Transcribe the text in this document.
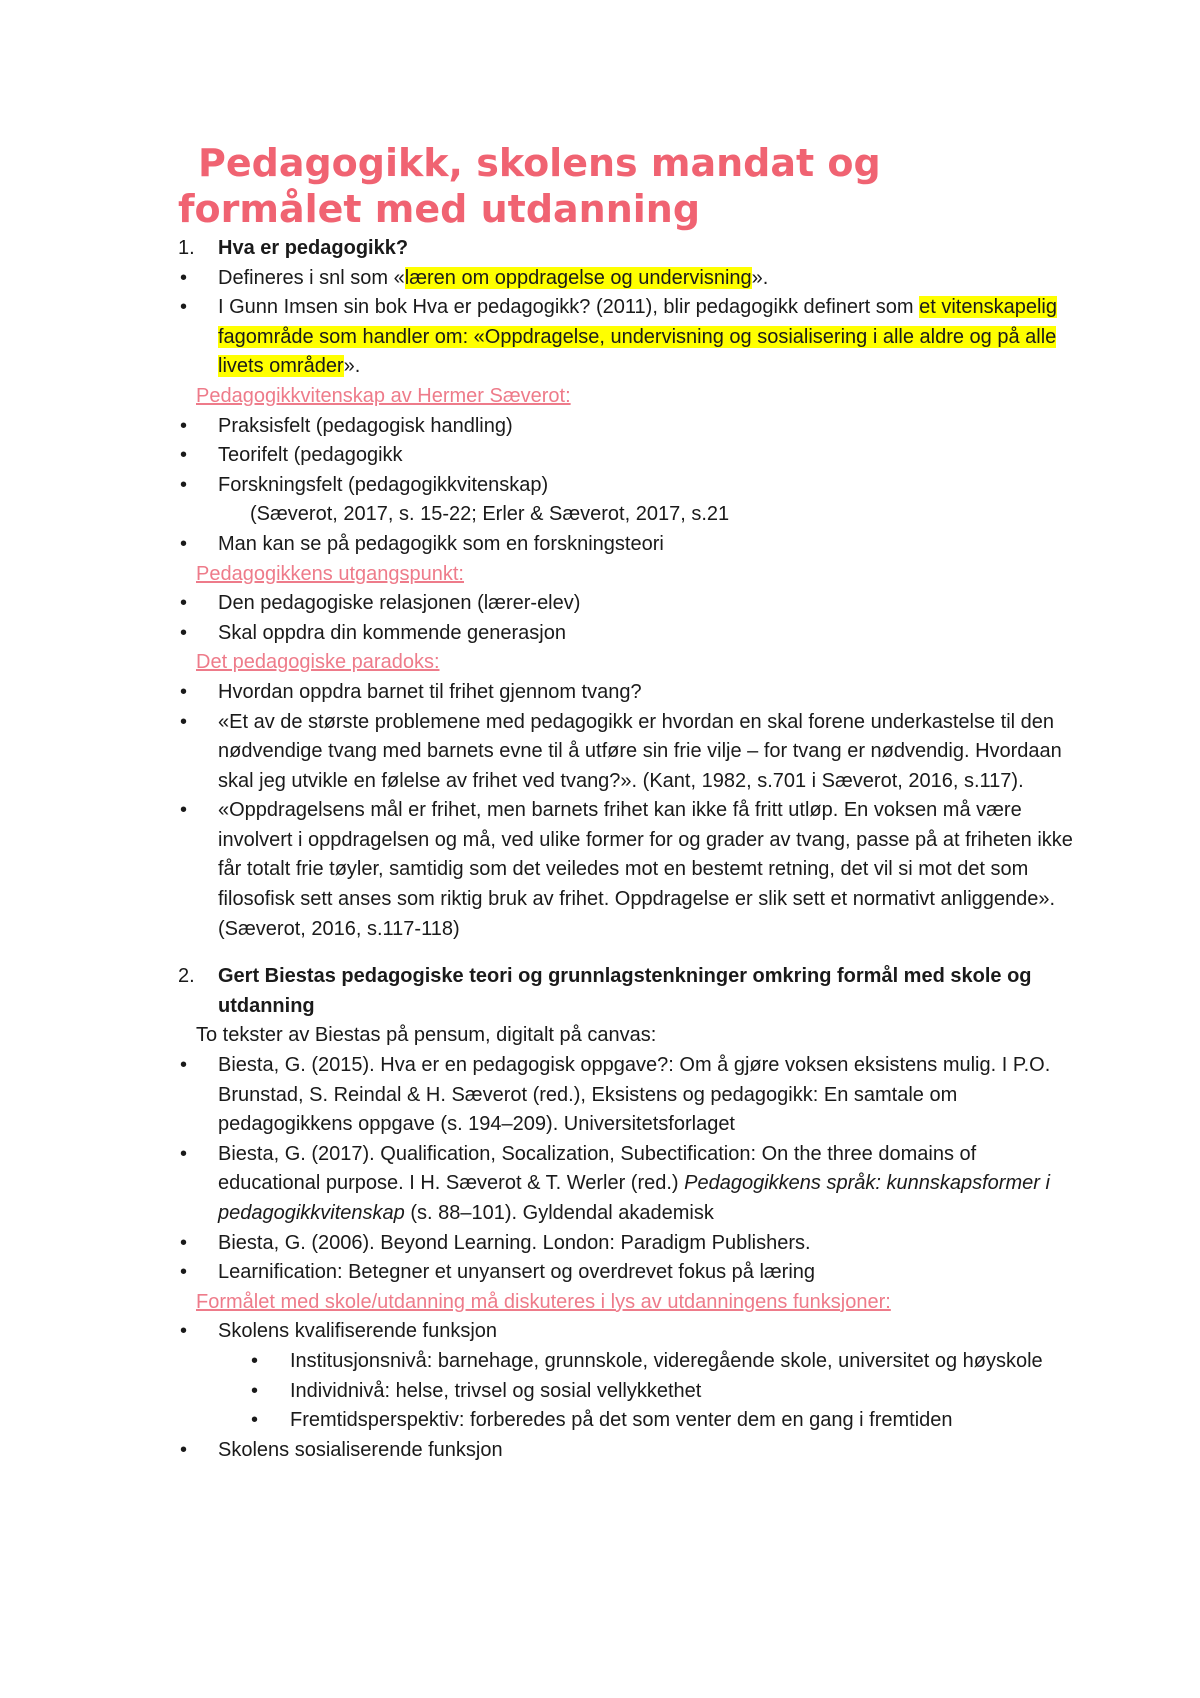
Pedagogikk, skolens mandat og
formålet med utdanning
1. Hva er pedagogikk?
• Defineres i snl som «læren om oppdragelse og undervisning».
• I Gunn Imsen sin bok Hva er pedagogikk? (2011), blir pedagogikk definert som et vitenskapelig fagområde som handler om: «Oppdragelse, undervisning og sosialisering i alle aldre og på alle livets områder».
Pedagogikkvitenskap av Hermer Sæverot:
• Praksisfelt (pedagogisk handling)
• Teorifelt (pedagogikk
• Forskningsfelt (pedagogikkvitenskap)
(Sæverot, 2017, s. 15-22; Erler & Sæverot, 2017, s.21
• Man kan se på pedagogikk som en forskningsteori
Pedagogikkens utgangspunkt:
• Den pedagogiske relasjonen (lærer-elev)
• Skal oppdra din kommende generasjon
Det pedagogiske paradoks:
• Hvordan oppdra barnet til frihet gjennom tvang?
• «Et av de største problemene med pedagogikk er hvordan en skal forene underkastelse til den nødvendige tvang med barnets evne til å utføre sin frie vilje – for tvang er nødvendig. Hvordaan skal jeg utvikle en følelse av frihet ved tvang?». (Kant, 1982, s.701 i Sæverot, 2016, s.117).
• «Oppdragelsens mål er frihet, men barnets frihet kan ikke få fritt utløp. En voksen må være involvert i oppdragelsen og må, ved ulike former for og grader av tvang, passe på at friheten ikke får totalt frie tøyler, samtidig som det veiledes mot en bestemt retning, det vil si mot det som filosofisk sett anses som riktig bruk av frihet. Oppdragelse er slik sett et normativt anliggende». (Sæverot, 2016, s.117-118)
2. Gert Biestas pedagogiske teori og grunnlagstenkninger omkring formål med skole og utdanning
To tekster av Biestas på pensum, digitalt på canvas:
• Biesta, G. (2015). Hva er en pedagogisk oppgave?: Om å gjøre voksen eksistens mulig. I P.O. Brunstad, S. Reindal & H. Sæverot (red.), Eksistens og pedagogikk: En samtale om pedagogikkens oppgave (s. 194–209). Universitetsforlaget
• Biesta, G. (2017). Qualification, Socalization, Subectification: On the three domains of educational purpose. I H. Sæverot & T. Werler (red.) Pedagogikkens språk: kunnskapsformer i pedagogikkvitenskap (s. 88–101). Gyldendal akademisk
• Biesta, G. (2006). Beyond Learning. London: Paradigm Publishers.
• Learnification: Betegner et unyansert og overdrevet fokus på læring
Formålet med skole/utdanning må diskuteres i lys av utdanningens funksjoner:
• Skolens kvalifiserende funksjon
• Institusjonsnivå: barnehage, grunnskole, videregående skole, universitet og høyskole
• Individnivå: helse, trivsel og sosial vellykkethet
• Fremtidsperspektiv: forberedes på det som venter dem en gang i fremtiden
• Skolens sosialiserende funksjon
